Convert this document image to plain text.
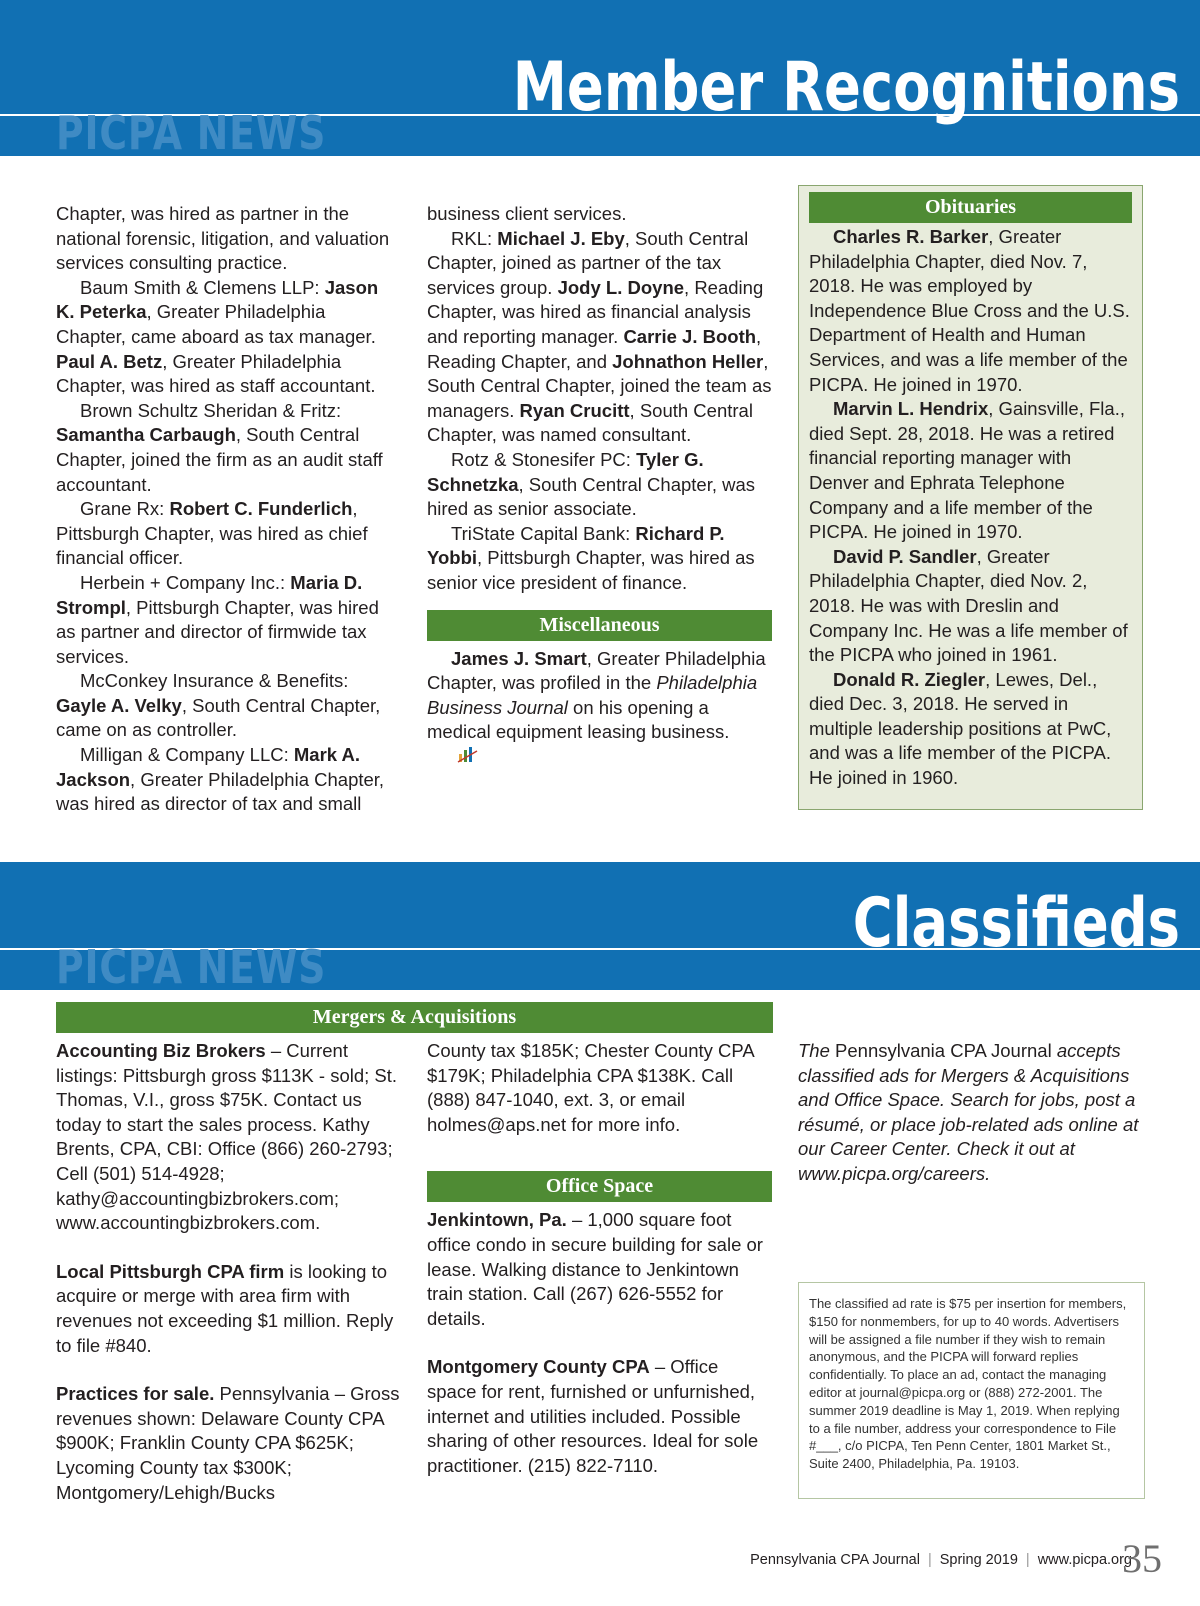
PICPA NEWS
Member Recognitions

Chapter, was hired as partner in the national forensic, litigation, and valuation services consulting practice.

Baum Smith & Clemens LLP: Jason K. Peterka, Greater Philadelphia Chapter, came aboard as tax manager. Paul A. Betz, Greater Philadelphia Chapter, was hired as staff accountant.

Brown Schultz Sheridan & Fritz: Samantha Carbaugh, South Central Chapter, joined the firm as an audit staff accountant.

Grane Rx: Robert C. Funderlich, Pittsburgh Chapter, was hired as chief financial officer.

Herbein + Company Inc.: Maria D. Strompl, Pittsburgh Chapter, was hired as partner and director of firmwide tax services.

McConkey Insurance & Benefits: Gayle A. Velky, South Central Chapter, came on as controller.

Milligan & Company LLC: Mark A. Jackson, Greater Philadelphia Chapter, was hired as director of tax and small

business client services.

RKL: Michael J. Eby, South Central Chapter, joined as partner of the tax services group. Jody L. Doyne, Reading Chapter, was hired as financial analysis and reporting manager. Carrie J. Booth, Reading Chapter, and Johnathon Heller, South Central Chapter, joined the team as managers. Ryan Crucitt, South Central Chapter, was named consultant.

Rotz & Stonesifer PC: Tyler G. Schnetzka, South Central Chapter, was hired as senior associate.

TriState Capital Bank: Richard P. Yobbi, Pittsburgh Chapter, was hired as senior vice president of finance.

Miscellaneous

James J. Smart, Greater Philadelphia Chapter, was profiled in the Philadelphia Business Journal on his opening a medical equipment leasing business.

Obituaries

Charles R. Barker, Greater Philadelphia Chapter, died Nov. 7, 2018. He was employed by Independence Blue Cross and the U.S. Department of Health and Human Services, and was a life member of the PICPA. He joined in 1970.

Marvin L. Hendrix, Gainsville, Fla., died Sept. 28, 2018. He was a retired financial reporting manager with Denver and Ephrata Telephone Company and a life member of the PICPA. He joined in 1970.

David P. Sandler, Greater Philadelphia Chapter, died Nov. 2, 2018. He was with Dreslin and Company Inc. He was a life member of the PICPA who joined in 1961.

Donald R. Ziegler, Lewes, Del., died Dec. 3, 2018. He served in multiple leadership positions at PwC, and was a life member of the PICPA. He joined in 1960.

PICPA NEWS
Classifieds
Mergers & Acquisitions

Accounting Biz Brokers – Current listings: Pittsburgh gross $113K - sold; St. Thomas, V.I., gross $75K. Contact us today to start the sales process. Kathy Brents, CPA, CBI: Office (866) 260-2793; Cell (501) 514-4928; kathy@accountingbizbrokers.com; www.accountingbizbrokers.com.

Local Pittsburgh CPA firm is looking to acquire or merge with area firm with revenues not exceeding $1 million. Reply to file #840.

Practices for sale. Pennsylvania – Gross revenues shown: Delaware County CPA $900K; Franklin County CPA $625K; Lycoming County tax $300K; Montgomery/Lehigh/Bucks

County tax $185K; Chester County CPA $179K; Philadelphia CPA $138K. Call (888) 847-1040, ext. 3, or email holmes@aps.net for more info.

Office Space

Jenkintown, Pa. – 1,000 square foot office condo in secure building for sale or lease. Walking distance to Jenkintown train station. Call (267) 626-5552 for details.

Montgomery County CPA – Office space for rent, furnished or unfurnished, internet and utilities included. Possible sharing of other resources. Ideal for sole practitioner. (215) 822-7110.

The Pennsylvania CPA Journal accepts classified ads for Mergers & Acquisitions and Office Space. Search for jobs, post a résumé, or place job-related ads online at our Career Center. Check it out at www.picpa.org/careers.

The classified ad rate is $75 per insertion for members, $150 for nonmembers, for up to 40 words. Advertisers will be assigned a file number if they wish to remain anonymous, and the PICPA will forward replies confidentially. To place an ad, contact the managing editor at journal@picpa.org or (888) 272-2001. The summer 2019 deadline is May 1, 2019. When replying to a file number, address your correspondence to File #___, c/o PICPA, Ten Penn Center, 1801 Market St., Suite 2400, Philadelphia, Pa. 19103.
Pennsylvania CPA Journal | Spring 2019 | www.picpa.org
35
